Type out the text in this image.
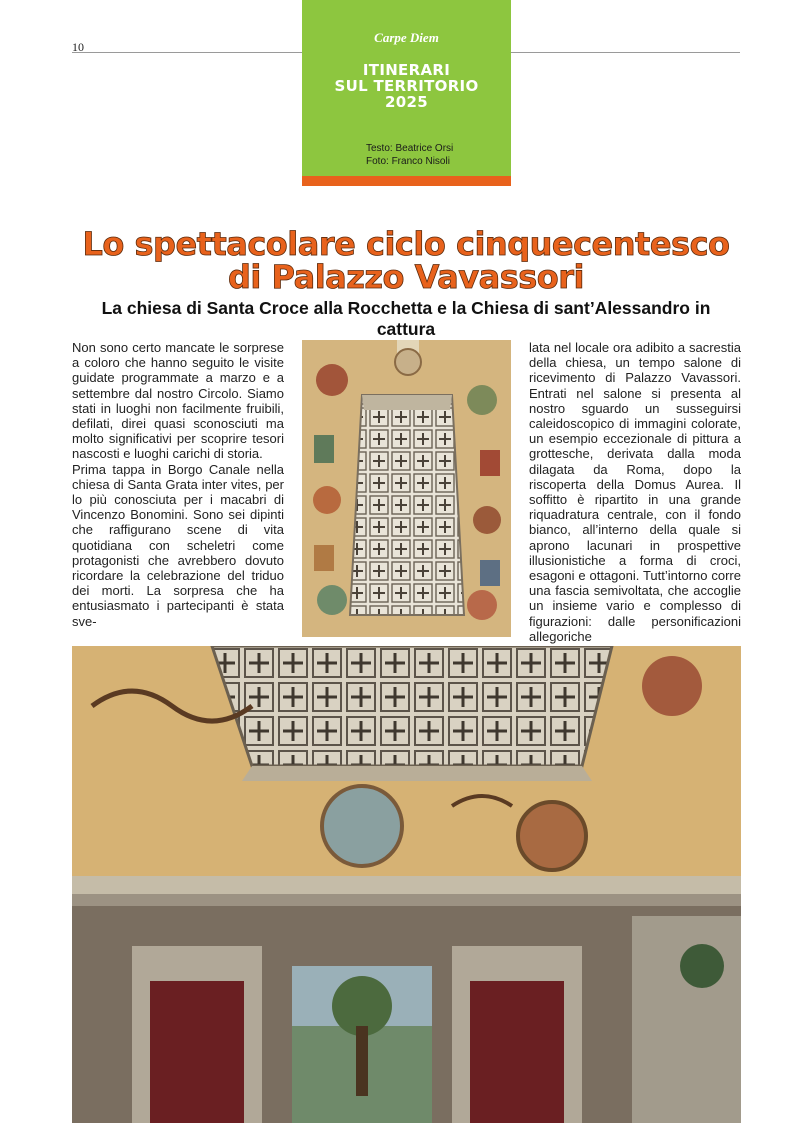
10
Carpe Diem
ITINERARI
SUL TERRITORIO
2025
Testo: Beatrice Orsi
Foto: Franco Nisoli
Lo spettacolare ciclo cinquecentesco
di Palazzo Vavassori
La chiesa di Santa Croce alla Rocchetta e la Chiesa di sant’Alessandro in cattura

Non sono certo mancate le sorprese a coloro che hanno seguito le visite guidate programmate a marzo e a settembre dal nostro Circolo. Siamo stati in luoghi non facilmente fruibili, defilati, direi quasi sconosciuti ma molto significativi per scoprire tesori nascosti e luoghi carichi di storia.

Prima tappa in Borgo Canale nella chiesa di Santa Grata inter vites, per lo più conosciuta per i macabri di Vincenzo Bonomini. Sono sei dipinti che raffigurano scene di vita quotidiana con scheletri come protagonisti che avrebbero dovuto ricordare la celebrazione del triduo dei morti. La sorpresa che ha entusiasmato i partecipanti è stata sve-

lata nel locale ora adibito a sacrestia della chiesa, un tempo salone di ricevimento di Palazzo Vavassori. Entrati nel salone si presenta al nostro sguardo un susseguirsi caleidoscopico di immagini colorate, un esempio eccezionale di pittura a grottesche, derivata dalla moda dilagata da Roma, dopo la riscoperta della Domus Aurea. Il soffitto è ripartito in una grande riquadratura centrale, con il fondo bianco, all’interno della quale si aprono lacunari in prospettive illusionistiche a forma di croci, esagoni e ottagoni. Tutt’intorno corre una fascia semivoltata, che accoglie un insieme vario e complesso di figurazioni: dalle personificazioni allegoriche
